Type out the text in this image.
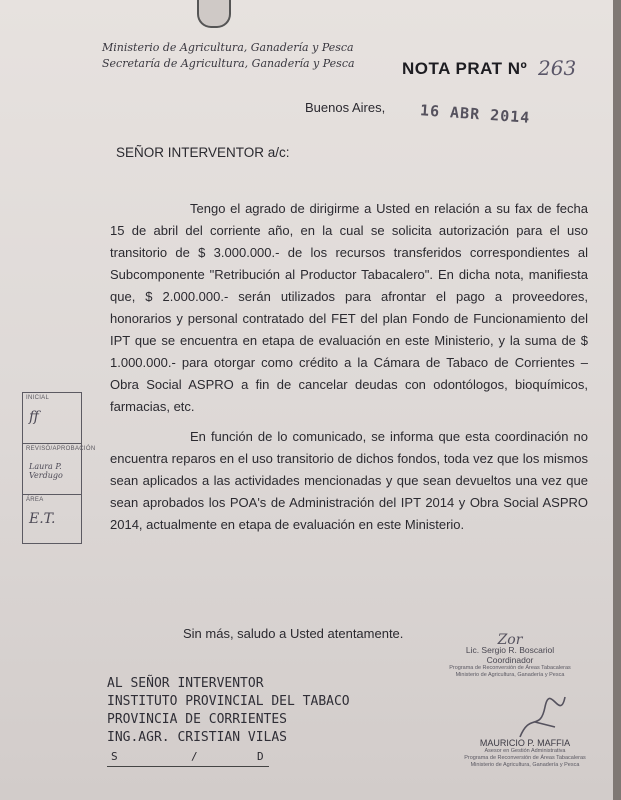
Ministerio de Agricultura, Ganadería y Pesca
Secretaría de Agricultura, Ganadería y Pesca	NOTA PRAT Nº 263
Buenos Aires, 16 ABR 2014
SEÑOR INTERVENTOR a/c:

Tengo el agrado de dirigirme a Usted en relación a su fax de fecha 15 de abril del corriente año, en la cual se solicita autorización para el uso transitorio de $ 3.000.000.- de los recursos transferidos correspondientes al Subcomponente "Retribución al Productor Tabacalero". En dicha nota, manifiesta que, $ 2.000.000.- serán utilizados para afrontar el pago a proveedores, honorarios y personal contratado del FET del plan Fondo de Funcionamiento del IPT que se encuentra en etapa de evaluación en este Ministerio, y la suma de $ 1.000.000.- para otorgar como crédito a la Cámara de Tabaco de Corrientes – Obra Social ASPRO a fin de cancelar deudas con odontólogos, bioquímicos, farmacias, etc.

En función de lo comunicado, se informa que esta coordinación no encuentra reparos en el uso transitorio de dichos fondos, toda vez que los mismos sean aplicados a las actividades mencionadas y que sean devueltos una vez que sean aprobados los POA's de Administración del IPT 2014 y Obra Social ASPRO 2014, actualmente en etapa de evaluación en este Ministerio.

Sin más, saludo a Usted atentamente.
INICIAL
ff
REVISÓ/APROBACIÓN
Laura P. Verdugo
ÁREA
E.T.
AL SEÑOR INTERVENTOR
INSTITUTO PROVINCIAL DEL TABACO
PROVINCIA DE CORRIENTES
ING.AGR. CRISTIAN VILAS
S	/	D
Zor
Lic. Sergio R. Boscariol
Coordinador
Programa de Reconversión de Áreas Tabacaleras
Ministerio de Agricultura, Ganadería y Pesca
MAURICIO P. MAFFIA
Asesor en Gestión Administrativa
Programa de Reconversión de Áreas Tabacaleras
Ministerio de Agricultura, Ganadería y Pesca
